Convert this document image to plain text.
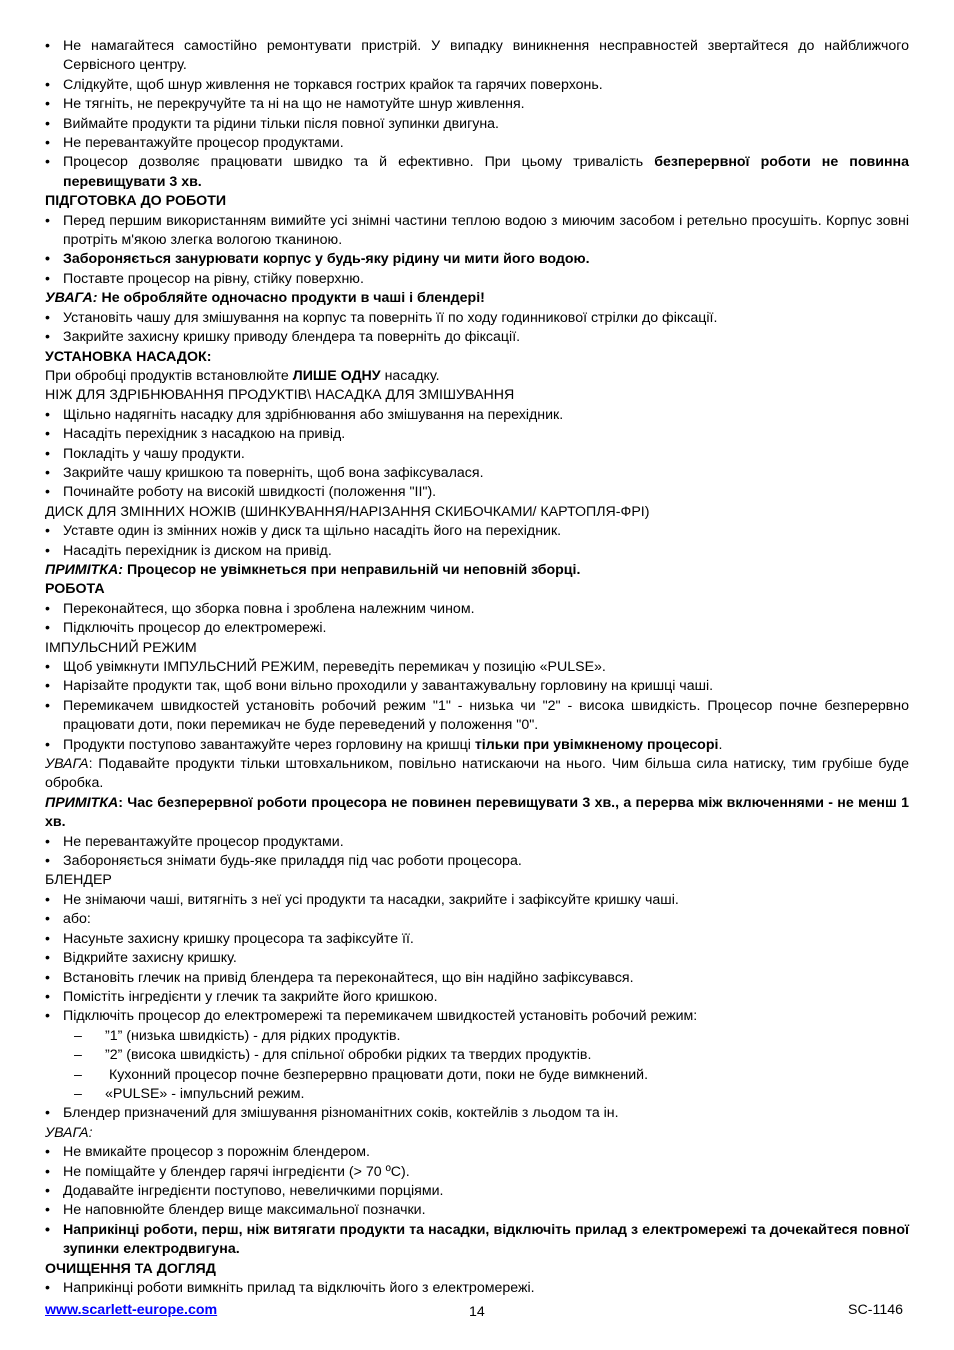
• Не намагайтеся самостійно ремонтувати пристрій. У випадку виникнення несправностей звертайтеся до найближчого Сервісного центру.
• Слідкуйте, щоб шнур живлення не торкався гострих крайок та гарячих поверхонь.
• Не тягніть, не перекручуйте та ні на що не намотуйте шнур живлення.
• Виймайте продукти та рідини тільки після повної зупинки двигуна.
• Не перевантажуйте процесор продуктами.
• Процесор дозволяє працювати швидко та й ефективно. При цьому тривалість безперервної роботи не повинна перевищувати 3 хв.
ПІДГОТОВКА ДО РОБОТИ
• Перед першим використанням вимийте усі знімні частини теплою водою з миючим засобом і ретельно просушіть. Корпус зовні протріть м'якою злегка вологою тканиною.
• Забороняється занурювати корпус у будь-яку рідину чи мити його водою.
• Поставте процесор на рівну, стійку поверхню.
УВАГА: Не обробляйте одночасно продукти в чаші і блендері!
• Установіть чашу для змішування на корпус та поверніть її по ходу годинникової стрілки до фіксації.
• Закрийте захисну кришку приводу блендера та поверніть до фіксації.
УСТАНОВКА НАСАДОК:
При обробці продуктів встановлюйте ЛИШЕ ОДНУ насадку.
НІЖ ДЛЯ ЗДРІБНЮВАННЯ ПРОДУКТІВ\ НАСАДКА ДЛЯ ЗМІШУВАННЯ
• Щільно надягніть насадку для здрібнювання або змішування на перехідник.
• Насадіть перехідник з насадкою на привід.
• Покладіть у чашу продукти.
• Закрийте чашу кришкою та поверніть, щоб вона зафіксувалася.
• Починайте роботу на високій швидкості (положення "II").
ДИСК ДЛЯ ЗМІННИХ НОЖІВ (ШИНКУВАННЯ/НАРІЗАННЯ СКИБОЧКАМИ/ КАРТОПЛЯ-ФРІ)
• Уставте один із змінних ножів у диск та щільно насадіть його на перехідник.
• Насадіть перехідник із диском на привід.
ПРИМІТКА: Процесор не увімкнеться при неправильній чи неповній зборці.
РОБОТА
• Переконайтеся, що зборка повна і зроблена належним чином.
• Підключіть процесор до електромережі.
ІМПУЛЬСНИЙ РЕЖИМ
• Щоб увімкнути ІМПУЛЬСНИЙ РЕЖИМ, переведіть перемикач у позицію «PULSE».
• Нарізайте продукти так, щоб вони вільно проходили у завантажувальну горловину на кришці чаші.
• Перемикачем швидкостей установіть робочий режим "1" - низька чи "2" - висока швидкість. Процесор почне безперервно працювати доти, поки перемикач не буде переведений у положення "0".
• Продукти поступово завантажуйте через горловину на кришці тільки при увімкненому процесорі.
УВАГА: Подавайте продукти тільки штовхальником, повільно натискаючи на нього. Чим більша сила натиску, тим грубіше буде обробка.
ПРИМІТКА: Час безперервної роботи процесора не повинен перевищувати 3 хв., а перерва між включеннями - не менш 1 хв.
• Не перевантажуйте процесор продуктами.
• Забороняється знімати будь-яке приладдя під час роботи процесора.
БЛЕНДЕР
• Не знімаючи чаші, витягніть з неї усі продукти та насадки, закрийте і зафіксуйте кришку чаші.
• або:
• Насуньте захисну кришку процесора та зафіксуйте її.
• Відкрийте захисну кришку.
• Встановіть глечик на привід блендера та переконайтеся, що він надійно зафіксувався.
• Помістіть інгредієнти у глечик та закрийте його кришкою.
• Підключіть процесор до електромережі та перемикачем швидкостей установіть робочий режим:
– ”1” (низька швидкість) - для рідких продуктів.
– ”2” (висока швидкість) - для спільної обробки рідких та твердих продуктів.
–  Кухонний процесор почне безперервно працювати доти, поки не буде вимкнений.
– «PULSE» - імпульсний режим.
• Блендер призначений для змішування різноманітних соків, коктейлів з льодом та ін.
УВАГА:
• Не вмикайте процесор з порожнім блендером.
• Не поміщайте у блендер гарячі інгредієнти (> 70 ºС).
• Додавайте інгредієнти поступово, невеличкими порціями.
• Не наповнюйте блендер вище максимальної позначки.
• Наприкінці роботи, перш, ніж витягати продукти та насадки, відключіть прилад з електромережі та дочекайтеся повної зупинки електродвигуна.
ОЧИЩЕННЯ ТА ДОГЛЯД
• Наприкінці роботи вимкніть прилад та відключіть його з електромережі.
www.scarlett-europe.com	14	SC-1146
